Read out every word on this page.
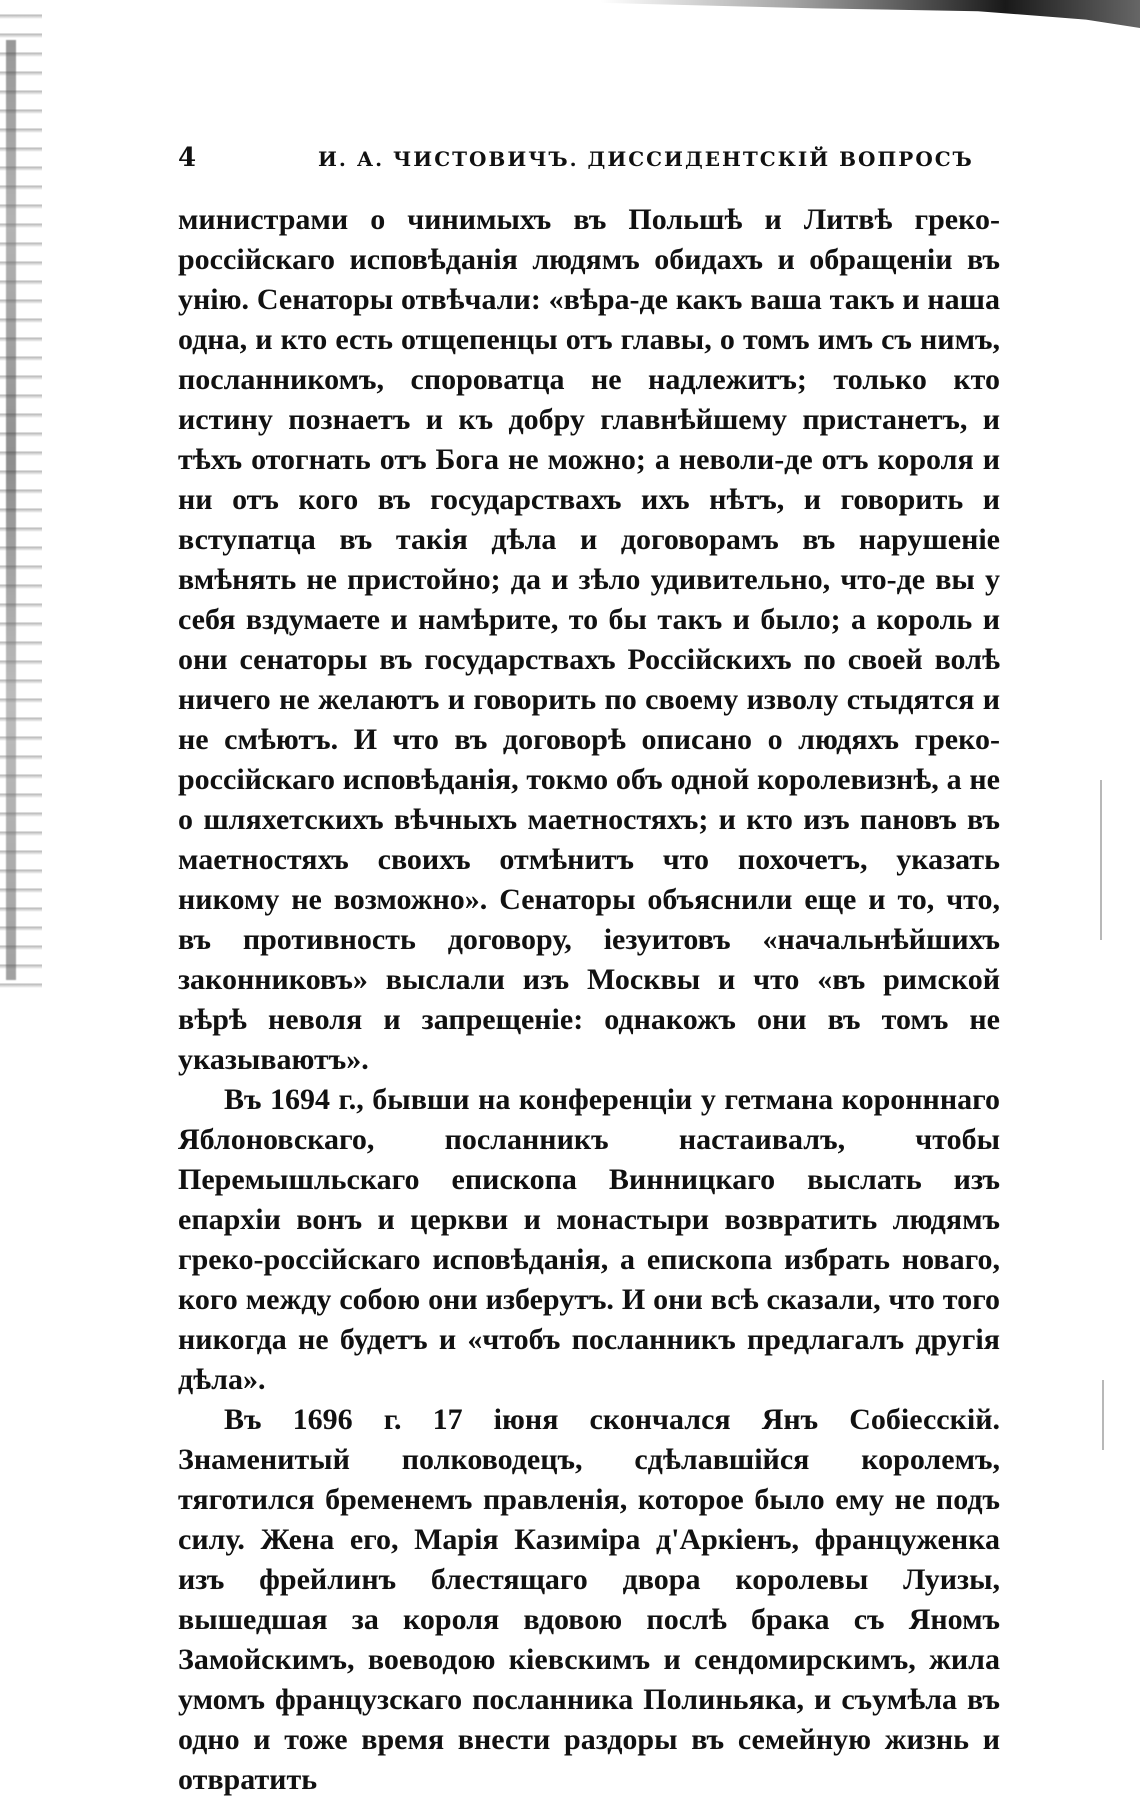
4	И. А. ЧИСТОВИЧЪ. ДИССИДЕНТСКІЙ ВОПРОСЪ

министрами о чинимыхъ въ Польшѣ и Литвѣ греко-россійскаго исповѣданія людямъ обидахъ и обращеніи въ унію. Сенаторы отвѣчали: «вѣра-де какъ ваша такъ и наша одна, и кто есть отщепенцы отъ главы, о томъ имъ съ нимъ, посланникомъ, спороватца не надлежитъ; только кто истину познаетъ и къ добру главнѣйшему пристанетъ, и тѣхъ отогнать отъ Бога не можно; а неволи-де отъ короля и ни отъ кого въ государствахъ ихъ нѣтъ, и говорить и вступатца въ такія дѣла и договорамъ въ нарушеніе вмѣнять не пристойно; да и зѣло удивительно, что-де вы у себя вздумаете и намѣрите, то бы такъ и было; а король и они сенаторы въ государствахъ Россійскихъ по своей волѣ ничего не желаютъ и говорить по своему изволу стыдятся и не смѣютъ. И что въ договорѣ описано о людяхъ греко-россійскаго исповѣданія, токмо объ одной королевизнѣ, а не о шляхетскихъ вѣчныхъ маетностяхъ; и кто изъ пановъ въ маетностяхъ своихъ отмѣнитъ что похочетъ, указать никому не возможно». Сенаторы объяснили еще и то, что, въ противность договору, іезуитовъ «начальнѣйшихъ законниковъ» выслали изъ Москвы и что «въ римской вѣрѣ неволя и запрещеніе: однакожъ они въ томъ не указываютъ».

Въ 1694 г., бывши на конференціи у гетмана коронннаго Яблоновскаго, посланникъ настаивалъ, чтобы Перемышльскаго епископа Винницкаго выслать изъ епархіи вонъ и церкви и монастыри возвратить людямъ греко-россійскаго исповѣданія, а епископа избрать новаго, кого между собою они изберутъ. И они всѣ сказали, что того никогда не будетъ и «чтобъ посланникъ предлагалъ другія дѣла».

Въ 1696 г. 17 іюня скончался Янъ Собіесскій. Знаменитый полководецъ, сдѣлавшійся королемъ, тяготился бременемъ правленія, которое было ему не подъ силу. Жена его, Марія Казиміра д'Аркіенъ, француженка изъ фрейлинъ блестящаго двора королевы Луизы, вышедшая за короля вдовою послѣ брака съ Яномъ Замойскимъ, воеводою кіевскимъ и сендомирскимъ, жила умомъ французскаго посланника Полиньяка, и съумѣла въ одно и тоже время внести раздоры въ семейную жизнь и отвратить
